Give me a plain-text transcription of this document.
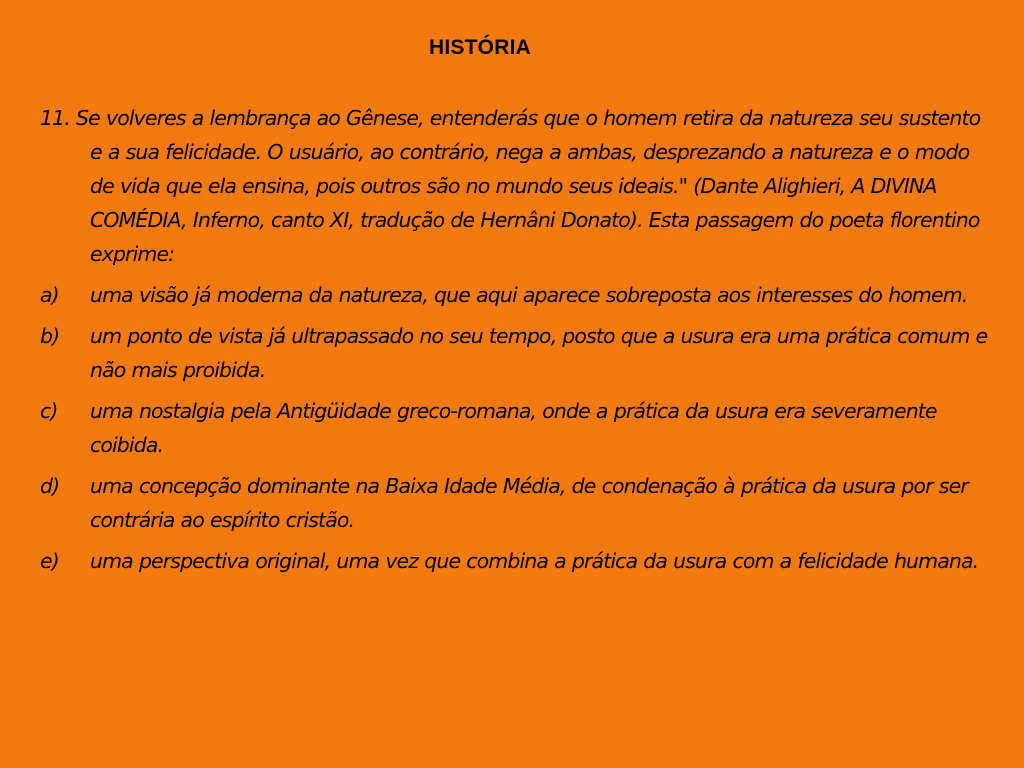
HISTÓRIA

11. Se volveres a lembrança ao Gênese, entenderás que o homem retira da natureza seu sustento e a sua felicidade. O usuário, ao contrário, nega a ambas, desprezando a natureza e o modo de vida que ela ensina, pois outros são no mundo seus ideais." (Dante Alighieri, A DIVINA COMÉDIA, Inferno, canto XI, tradução de Hernâni Donato). Esta passagem do poeta florentino exprime:

a) uma visão já moderna da natureza, que aqui aparece sobreposta aos interesses do homem.

b) um ponto de vista já ultrapassado no seu tempo, posto que a usura era uma prática comum e não mais proibida.

c) uma nostalgia pela Antigüidade greco-romana, onde a prática da usura era severamente coibida.

d) uma concepção dominante na Baixa Idade Média, de condenação à prática da usura por ser contrária ao espírito cristão.

e) uma perspectiva original, uma vez que combina a prática da usura com a felicidade humana.
